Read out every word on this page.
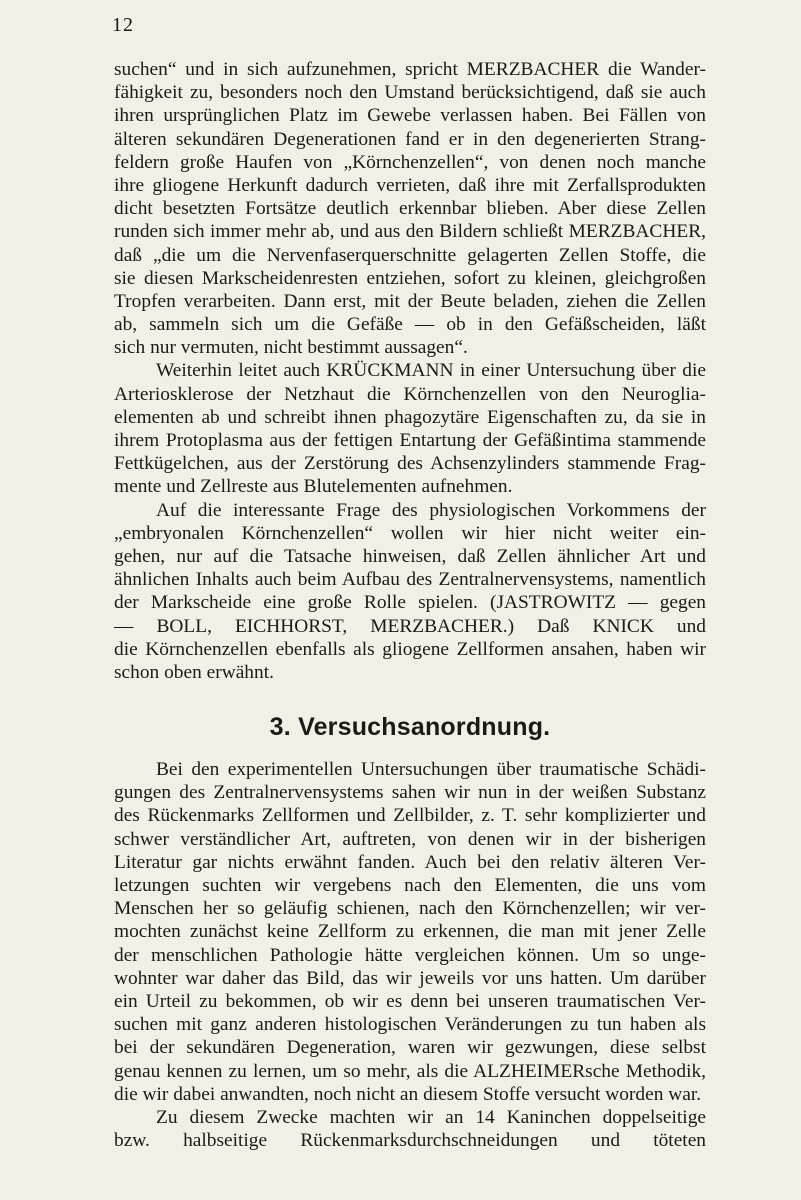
12
suchen“ und in sich aufzunehmen, spricht MERZBACHER die Wander-
fähigkeit zu, besonders noch den Umstand berücksichtigend, daß sie auch
ihren ursprünglichen Platz im Gewebe verlassen haben. Bei Fällen von
älteren sekundären Degenerationen fand er in den degenerierten Strang-
feldern große Haufen von „Körnchenzellen“, von denen noch manche
ihre gliogene Herkunft dadurch verrieten, daß ihre mit Zerfallsprodukten
dicht besetzten Fortsätze deutlich erkennbar blieben. Aber diese Zellen
runden sich immer mehr ab, und aus den Bildern schließt MERZBACHER,
daß „die um die Nervenfaserquerschnitte gelagerten Zellen Stoffe, die
sie diesen Markscheidenresten entziehen, sofort zu kleinen, gleichgroßen
Tropfen verarbeiten. Dann erst, mit der Beute beladen, ziehen die Zellen
ab, sammeln sich um die Gefäße — ob in den Gefäßscheiden, läßt
sich nur vermuten, nicht bestimmt aussagen“.
Weiterhin leitet auch KRÜCKMANN in einer Untersuchung über die
Arteriosklerose der Netzhaut die Körnchenzellen von den Neuroglia-
elementen ab und schreibt ihnen phagozytäre Eigenschaften zu, da sie in
ihrem Protoplasma aus der fettigen Entartung der Gefäßintima stammende
Fettkügelchen, aus der Zerstörung des Achsenzylinders stammende Frag-
mente und Zellreste aus Blutelementen aufnehmen.
Auf die interessante Frage des physiologischen Vorkommens der
„embryonalen Körnchenzellen“ wollen wir hier nicht weiter ein-
gehen, nur auf die Tatsache hinweisen, daß Zellen ähnlicher Art und
ähnlichen Inhalts auch beim Aufbau des Zentralnervensystems, namentlich
der Markscheide eine große Rolle spielen. (JASTROWITZ — gegen
— BOLL, EICHHORST, MERZBACHER.) Daß KNICK und
die Körnchenzellen ebenfalls als gliogene Zellformen ansahen, haben wir
schon oben erwähnt.
3. Versuchsanordnung.
Bei den experimentellen Untersuchungen über traumatische Schädi-
gungen des Zentralnervensystems sahen wir nun in der weißen Substanz
des Rückenmarks Zellformen und Zellbilder, z. T. sehr komplizierter und
schwer verständlicher Art, auftreten, von denen wir in der bisherigen
Literatur gar nichts erwähnt fanden. Auch bei den relativ älteren Ver-
letzungen suchten wir vergebens nach den Elementen, die uns vom
Menschen her so geläufig schienen, nach den Körnchenzellen; wir ver-
mochten zunächst keine Zellform zu erkennen, die man mit jener Zelle
der menschlichen Pathologie hätte vergleichen können. Um so unge-
wohnter war daher das Bild, das wir jeweils vor uns hatten. Um darüber
ein Urteil zu bekommen, ob wir es denn bei unseren traumatischen Ver-
suchen mit ganz anderen histologischen Veränderungen zu tun haben als
bei der sekundären Degeneration, waren wir gezwungen, diese selbst
genau kennen zu lernen, um so mehr, als die ALZHEIMERsche Methodik,
die wir dabei anwandten, noch nicht an diesem Stoffe versucht worden war.
Zu diesem Zwecke machten wir an 14 Kaninchen doppelseitige
bzw. halbseitige Rückenmarksdurchschneidungen und töteten
